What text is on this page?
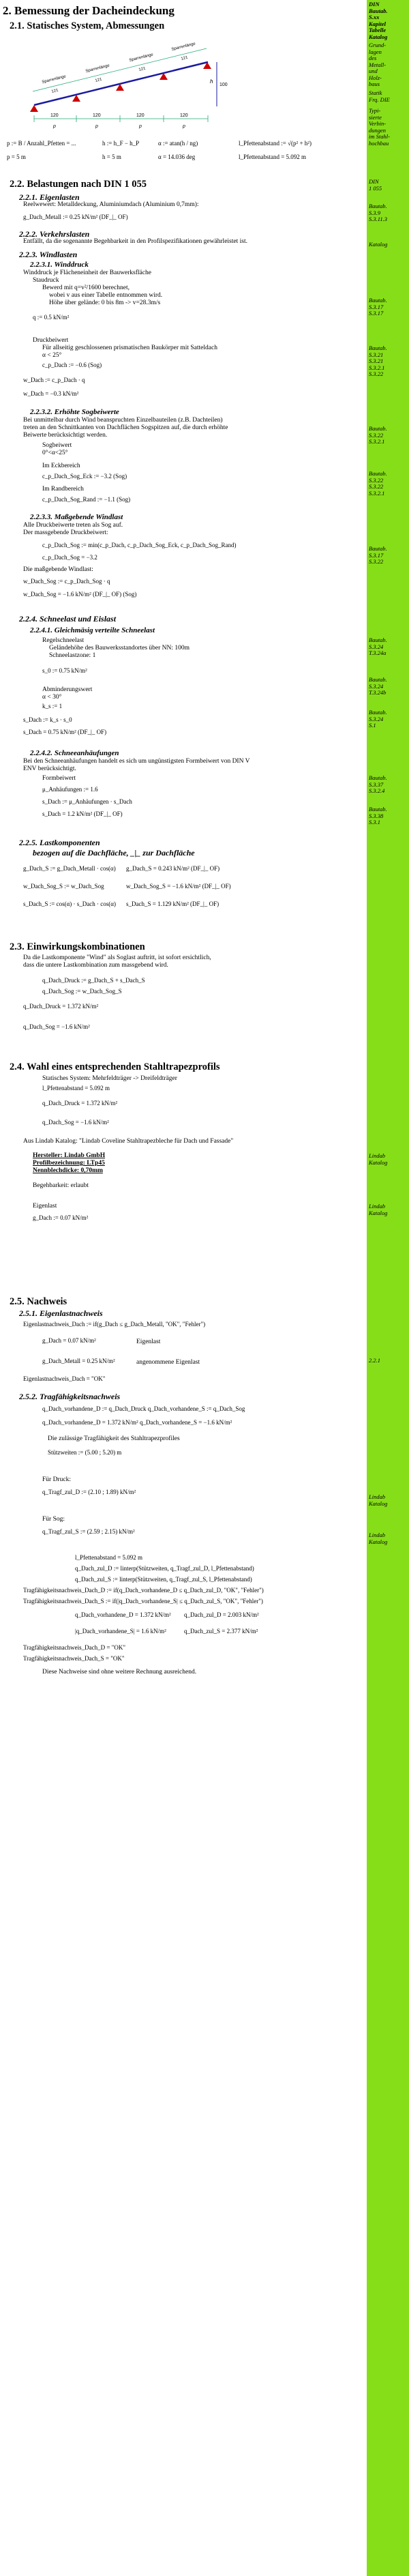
2. Bemessung der Dacheindeckung
2.1. Statisches System, Abmessungen
100
h
120	120	120	120
p	p	p	p
Sparrenlänge
Sparrenlänge
Sparrenlänge
Sparrenlänge
121
121
121
121
p := B / Anzahl_Pfetten = ...	h := h_F − h_P	α := atan(h / ng)	l_Pfettenabstand := √(p² + h²)
p = 5 m	h = 5 m	α = 14.036 deg	l_Pfettenabstand = 5.092 m
2.2. Belastungen nach DIN 1 055
2.2.1. Eigenlasten
Reelwewert: Metalldeckung, Aluminiumdach (Aluminium 0,7mm):
g_Dach_Metall := 0.25 kN/m² (DF_|_ OF)
2.2.2. Verkehrslasten
Entfällt, da die sogenannte Begehbarkeit in den Profilspezifikationen gewährleistet ist.
2.2.3. Windlasten
2.2.3.1. Winddruck
Winddruck je Flächeneinheit der Bauwerksfläche
Staudruck
Bewerd mit q=v²/1600 berechnet,
wobei v aus einer Tabelle entnommen wird.
Höhe über gelände: 0 bis 8m -> v=28.3m/s
q := 0.5 kN/m²
Druckbeiwert
Für allseitig geschlossenen prismatischen Baukörper mit Satteldach
α < 25°
c_p_Dach := −0.6 (Sog)
w_Dach := c_p_Dach · q
w_Dach = −0.3 kN/m²
2.2.3.2. Erhöhte Sogbeiwerte
Bei unmittelbar durch Wind beanspruchten Einzelbauteilen (z.B. Dachteilen)
treten an den Schnittkanten von Dachflächen Sogspitzen auf, die durch erhöhte
Beiwerte berücksichtigt werden.
Sogbeiwert
0°<α<25°
Im Eckbereich
c_p_Dach_Sog_Eck := −3.2 (Sog)
Im Randbereich
c_p_Dach_Sog_Rand := −1.1 (Sog)
2.2.3.3. Maßgebende Windlast
Alle Druckbeiwerte treten als Sog auf.
Der massgebende Druckbeiwert:
c_p_Dach_Sog := min(c_p_Dach, c_p_Dach_Sog_Eck, c_p_Dach_Sog_Rand)
c_p_Dach_Sog = −3.2
Die maßgebende Windlast:
w_Dach_Sog := c_p_Dach_Sog · q
w_Dach_Sog = −1.6 kN/m² (DF_|_ OF) (Sog)
2.2.4. Schneelast und Eislast
2.2.4.1. Gleichmäsig verteilte Schneelast
Regelschneelast
Geländehöhe des Bauwerksstandortes über NN: 100m
Schneelastzone: 1
s_0 := 0.75 kN/m²
Abminderungswert
α < 30°
k_s := 1
s_Dach := k_s · s_0
s_Dach = 0.75 kN/m² (DF_|_ OF)
2.2.4.2. Schneeanhäufungen
Bei den Schneeanhäufungen handelt es sich um ungünstigsten Formbeiwert von DIN V
ENV berücksichtigt.
Formbeiwert
μ_Anhäufungen := 1.6
s_Dach := μ_Anhäufungen · s_Dach
s_Dach = 1.2 kN/m² (DF_|_ OF)
2.2.5. Lastkomponenten
bezogen auf die Dachfläche, _|_ zur Dachfläche
g_Dach_S := g_Dach_Metall · cos(α) g_Dach_S = 0.243 kN/m² (DF_|_ OF)
w_Dach_Sog_S := w_Dach_Sog	w_Dach_Sog_S = −1.6 kN/m² (DF_|_ OF)
s_Dach_S := cos(α) · s_Dach · cos(α) s_Dach_S = 1.129 kN/m² (DF_|_ OF)
2.3. Einwirkungskombinationen
Da die Lastkomponente "Wind" als Soglast auftritt, ist sofort ersichtlich,
dass die untere Lastkombination zum massgebend wird.
q_Dach_Druck := g_Dach_S + s_Dach_S
q_Dach_Sog := w_Dach_Sog_S
q_Dach_Druck = 1.372 kN/m²
q_Dach_Sog = −1.6 kN/m²
2.4. Wahl eines entsprechenden Stahltrapezprofils
Statisches System: Mehrfeldträger -> Dreifeldträger
l_Pfettenabstand = 5.092 m
q_Dach_Druck = 1.372 kN/m²
q_Dach_Sog = −1.6 kN/m²
Aus Lindab Katalog: "Lindab Coveline Stahltrapezbleche für Dach und Fassade"
Hersteller: Lindab GmbH
Profilbezeichnung: LTp45
Nennblechdicke: 0,70mm
Begehbarkeit: erlaubt
Eigenlast
g_Dach := 0.07 kN/m²
2.5. Nachweis
2.5.1. Eigenlastnachweis
Eigenlastnachweis_Dach := if(g_Dach ≤ g_Dach_Metall, "OK", "Fehler")
g_Dach = 0.07 kN/m²	Eigenlast
g_Dach_Metall = 0.25 kN/m²	angenommene Eigenlast
Eigenlastnachweis_Dach = "OK"
2.5.2. Tragfähigkeitsnachweis
q_Dach_vorhandene_D := q_Dach_Druck q_Dach_vorhandene_S := q_Dach_Sog
q_Dach_vorhandene_D = 1.372 kN/m² q_Dach_vorhandene_S = −1.6 kN/m²
Die zulässige Tragfähigkeit des Stahltrapezprofiles
Stützweiten := (5.00 ; 5.20) m
Für Druck:
q_Tragf_zul_D := (2.10 ; 1.89) kN/m²
Für Sog:
q_Tragf_zul_S := (2.59 ; 2.15) kN/m²
l_Pfettenabstand = 5.092 m
q_Dach_zul_D := linterp(Stützweiten, q_Tragf_zul_D, l_Pfettenabstand)
q_Dach_zul_S := linterp(Stützweiten, q_Tragf_zul_S, l_Pfettenabstand)
Tragfähigkeitsnachweis_Dach_D := if(q_Dach_vorhandene_D ≤ q_Dach_zul_D, "OK", "Fehler")
Tragfähigkeitsnachweis_Dach_S := if(|q_Dach_vorhandene_S| ≤ q_Dach_zul_S, "OK", "Fehler")
q_Dach_vorhandene_D = 1.372 kN/m² q_Dach_zul_D = 2.003 kN/m²
|q_Dach_vorhandene_S| = 1.6 kN/m²	q_Dach_zul_S = 2.377 kN/m²
Tragfähigkeitsnachweis_Dach_D = "OK"
Tragfähigkeitsnachweis_Dach_S = "OK"
Diese Nachweise sind ohne weitere Rechnung ausreichend.
DIN
Bautab.
S.xx
Kapitel
Tabelle
Katalog
Grund-
lagen
des
Metall-
und
Holz-
baus
Statik
Frq. DIE
Typi-
sierte
Verbin-
dungen
im Stahl-
hochbau
DIN
1 055
Bautab.
S.3.9
S.3.11.3
Katalog
Bautab.
S.3.17
S.3.17
Bautab.
S.3.21
S.3.21
S.3.2.1
S.3.22
Bautab.
S.3.22
S.3.2.1
Bautab.
S.3.22
S.3.22
S.3.2.1
Bautab.
S.3.17
S.3.22
Bautab.
S.3.24
T.3.24a
Bautab.
S.3.24
T.3.24b
Bautab.
S.3.24
S.1
Bautab.
S.3.37
S.3.2.4
Bautab.
S.3.38
S.3.1
Lindab
Katalog
Lindab
Katalog
2.2.1
Lindab
Katalog
Lindab
Katalog
